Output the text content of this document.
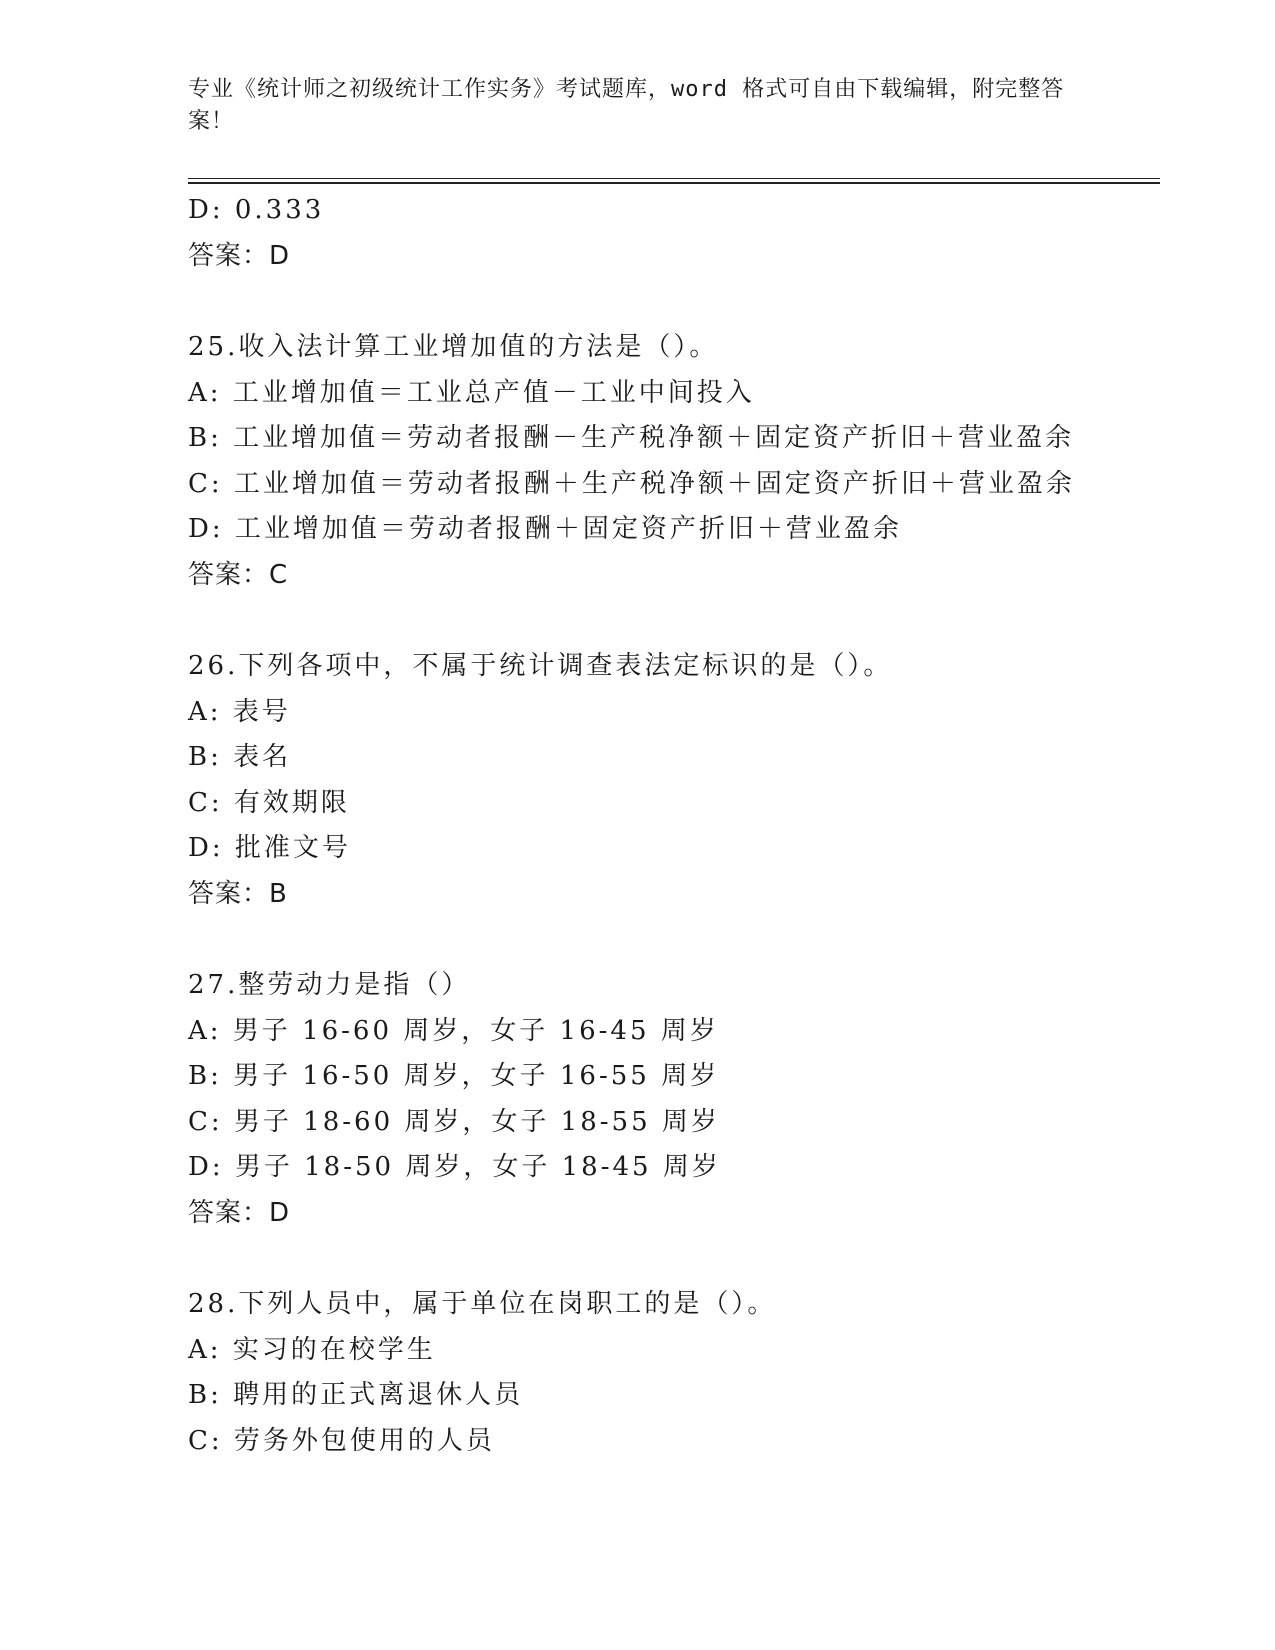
专业《统计师之初级统计工作实务》考试题库，word 格式可自由下载编辑，附完整答案！
D: 0.333
答案：D
25.收入法计算工业增加值的方法是（）。
A: 工业增加值＝工业总产值－工业中间投入
B: 工业增加值＝劳动者报酬－生产税净额＋固定资产折旧＋营业盈余
C: 工业增加值＝劳动者报酬＋生产税净额＋固定资产折旧＋营业盈余
D: 工业增加值＝劳动者报酬＋固定资产折旧＋营业盈余
答案：C
26.下列各项中，不属于统计调查表法定标识的是（）。
A: 表号
B: 表名
C: 有效期限
D: 批准文号
答案：B
27.整劳动力是指（）
A: 男子 16-60 周岁，女子 16-45 周岁
B: 男子 16-50 周岁，女子 16-55 周岁
C: 男子 18-60 周岁，女子 18-55 周岁
D: 男子 18-50 周岁，女子 18-45 周岁
答案：D
28.下列人员中，属于单位在岗职工的是（）。
A: 实习的在校学生
B: 聘用的正式离退休人员
C: 劳务外包使用的人员
